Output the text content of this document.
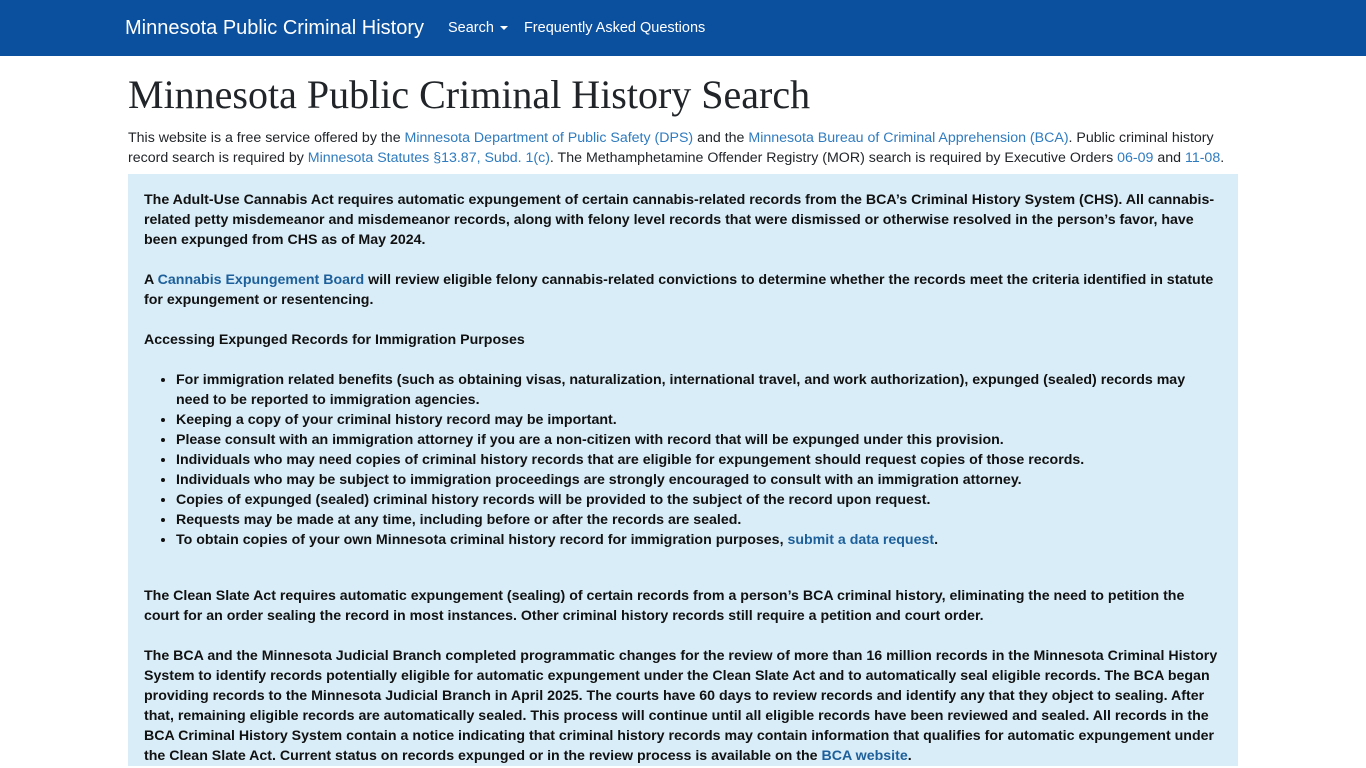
Minnesota Public Criminal History Search Frequently Asked Questions
Minnesota Public Criminal History Search

This website is a free service offered by the Minnesota Department of Public Safety (DPS) and the Minnesota Bureau of Criminal Apprehension (BCA). Public criminal history record search is required by Minnesota Statutes §13.87, Subd. 1(c). The Methamphetamine Offender Registry (MOR) search is required by Executive Orders 06-09 and 11-08.

The Adult-Use Cannabis Act requires automatic expungement of certain cannabis-related records from the BCA’s Criminal History System (CHS). All cannabis-related petty misdemeanor and misdemeanor records, along with felony level records that were dismissed or otherwise resolved in the person’s favor, have been expunged from CHS as of May 2024.

A Cannabis Expungement Board will review eligible felony cannabis-related convictions to determine whether the records meet the criteria identified in statute for expungement or resentencing.

Accessing Expunged Records for Immigration Purposes

• For immigration related benefits (such as obtaining visas, naturalization, international travel, and work authorization), expunged (sealed) records may need to be reported to immigration agencies.
• Keeping a copy of your criminal history record may be important.
• Please consult with an immigration attorney if you are a non-citizen with record that will be expunged under this provision.
• Individuals who may need copies of criminal history records that are eligible for expungement should request copies of those records.
• Individuals who may be subject to immigration proceedings are strongly encouraged to consult with an immigration attorney.
• Copies of expunged (sealed) criminal history records will be provided to the subject of the record upon request.
• Requests may be made at any time, including before or after the records are sealed.
• To obtain copies of your own Minnesota criminal history record for immigration purposes, submit a data request.

The Clean Slate Act requires automatic expungement (sealing) of certain records from a person’s BCA criminal history, eliminating the need to petition the court for an order sealing the record in most instances. Other criminal history records still require a petition and court order.

The BCA and the Minnesota Judicial Branch completed programmatic changes for the review of more than 16 million records in the Minnesota Criminal History System to identify records potentially eligible for automatic expungement under the Clean Slate Act and to automatically seal eligible records. The BCA began providing records to the Minnesota Judicial Branch in April 2025. The courts have 60 days to review records and identify any that they object to sealing. After that, remaining eligible records are automatically sealed. This process will continue until all eligible records have been reviewed and sealed. All records in the BCA Criminal History System contain a notice indicating that criminal history records may contain information that qualifies for automatic expungement under the Clean Slate Act. Current status on records expunged or in the review process is available on the BCA website.
